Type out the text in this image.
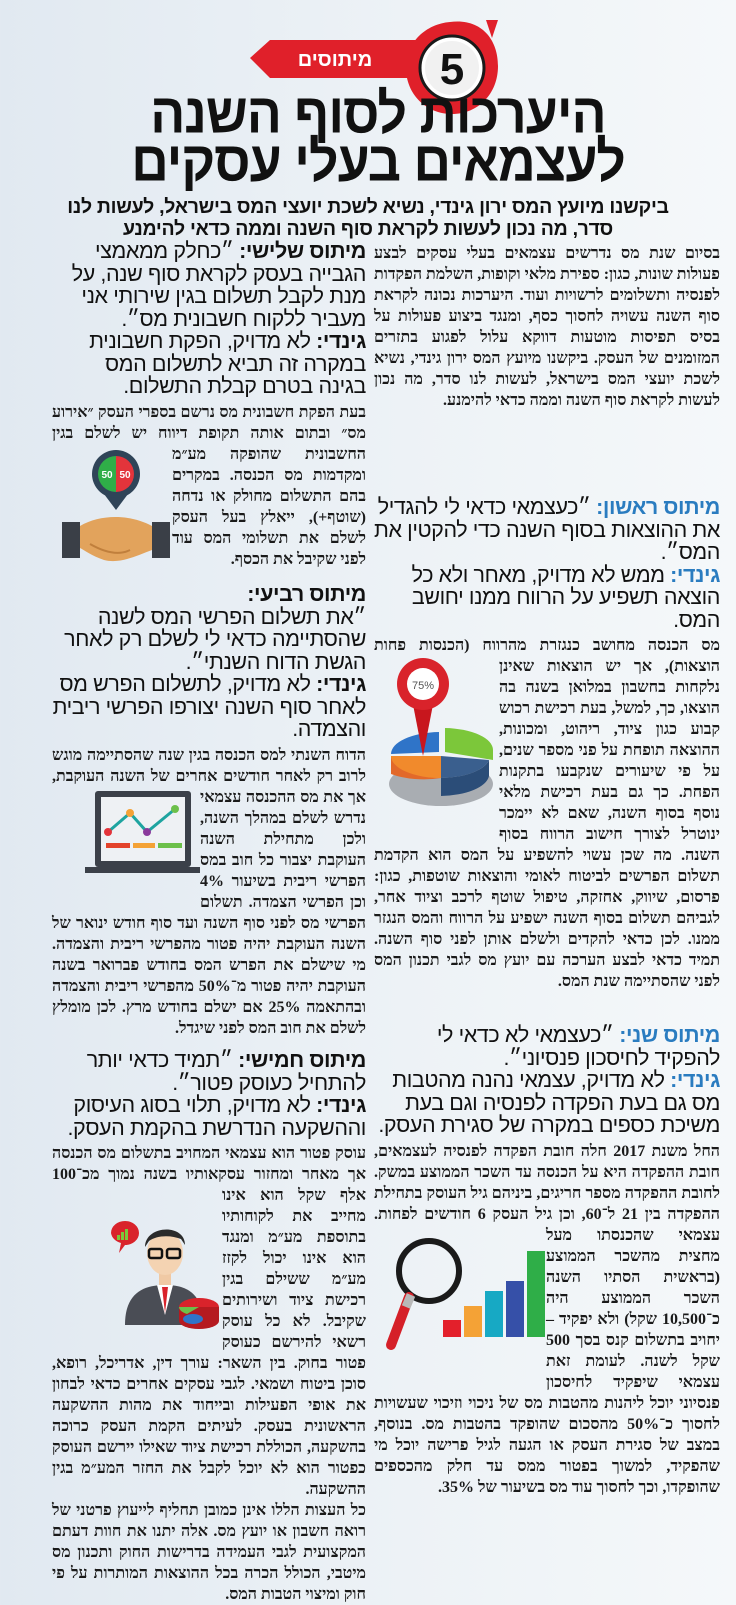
מיתוסים 5
היערכות לסוף השנה
לעצמאים בעלי עסקים
ביקשנו מיועץ המס ירון גינדי, נשיא לשכת יועצי המס בישראל, לעשות לנו
סדר, מה נכון לעשות לקראת סוף השנה וממה כדאי להימנע

בסיום שנת מס נדרשים עצמאים בעלי עסקים לבצע פעולות שונות, כגון: ספירת מלאי וקופות, השלמת הפקדות לפנסיה ותשלומים לרשויות ועוד. היערכות נכונה לקראת סוף השנה עשויה לחסוך כסף, ומנגד ביצוע פעולות על בסיס תפיסות מוטעות דווקא עלול לפגוע בתזרים המזומנים של העסק. ביקשנו מיועץ המס ירון גינדי, נשיא לשכת יועצי המס בישראל, לעשות לנו סדר, מה נכון לעשות לקראת סוף השנה וממה כדאי להימנע.

מיתוס ראשון: ״כעצמאי כדאי לי להגדיל את ההוצאות בסוף השנה כדי להקטין את המס״.
גינדי: ממש לא מדויק, מאחר ולא כל הוצאה תשפיע על הרווח ממנו יחושב המס.
75%

מס הכנסה מחושב כנגזרת מהרווח (הכנסות פחות הוצאות), אך יש הוצאות שאינן נלקחות בחשבון במלואן בשנה בה הוצאו, כך, למשל, בעת רכישת רכוש קבוע כגון ציוד, ריהוט, ומכונות, ההוצאה תופחת על פני מספר שנים, על פי שיעורים שנקבעו בתקנות הפחת. כך גם בעת רכישת מלאי נוסף בסוף השנה, שאם לא יימכר ינוטרל לצורך חישוב הרווח בסוף השנה. מה שכן עשוי להשפיע על המס הוא הקדמת תשלום הפרשים לביטוח לאומי והוצאות שוטפות, כגון: פרסום, שיווק, אחזקה, טיפול שוטף לרכב וציוד אחר, לגביהם תשלום בסוף השנה ישפיע על הרווח והמס הנגזר ממנו. לכן כדאי להקדים ולשלם אותן לפני סוף השנה. תמיד כדאי לבצע הערכה עם יועץ מס לגבי תכנון המס לפני שהסתיימה שנת המס.

מיתוס שני: ״כעצמאי לא כדאי לי להפקיד לחיסכון פנסיוני״.
גינדי: לא מדויק, עצמאי נהנה מהטבות מס גם בעת הפקדה לפנסיה וגם בעת משיכת כספים במקרה של סגירת העסק.

החל משנת 2017 חלה חובת הפקדה לפנסיה לעצמאים, חובת ההפקדה היא על הכנסה עד השכר הממוצע במשק. לחובת ההפקדה מספר חריגים, ביניהם גיל העוסק בתחילת ההפקדה בין 21 ל־60, וכן גיל העסק 6 חודשים לפחות. עצמאי שהכנסתו מעל מחצית מהשכר הממוצע (בראשית הסתיו השנה השכר הממוצע היה כ־10,500 שקל) ולא יפקיד – יחויב בתשלום קנס בסך 500 שקל לשנה. לעומת זאת עצמאי שיפקיד לחיסכון פנסיוני יוכל ליהנות מהטבות מס של ניכוי וזיכוי שעשויות לחסוך כ־50% מהסכום שהופקד בהטבות מס. בנוסף, במצב של סגירת העסק או הגעה לגיל פרישה יוכל מי שהפקיד, למשוך בפטור ממס עד חלק מהכספים שהופקדו, וכך לחסוך עוד מס בשיעור של 35%.

מיתוס שלישי: ״כחלק ממאמצי הגבייה בעסק לקראת סוף שנה, על מנת לקבל תשלום בגין שירותי אני מעביר ללקוח חשבונית מס״.
גינדי: לא מדויק, הפקת חשבונית במקרה זה תביא לתשלום המס בגינה בטרם קבלת התשלום.
50 50

בעת הפקת חשבונית מס נרשם בספרי העסק ״אירוע מס״ ובתום אותה תקופת דיווח יש לשלם בגין החשבונית שהופקה מע״מ ומקדמות מס הכנסה. במקרים בהם התשלום מחולק או נדחה (שוטף+), ייאלץ בעל העסק לשלם את תשלומי המס עוד לפני שקיבל את הכסף.

מיתוס רביעי:
״את תשלום הפרשי המס לשנה שהסתיימה כדאי לי לשלם רק לאחר הגשת הדוח השנתי״.
גינדי: לא מדויק, לתשלום הפרש מס לאחר סוף השנה יצורפו הפרשי ריבית והצמדה.

הדוח השנתי למס הכנסה בגין שנה שהסתיימה מוגש לרוב רק לאחר חודשים אחרים של השנה העוקבת, אך את מס ההכנסה עצמאי נדרש לשלם במהלך השנה, ולכן מתחילת השנה העוקבת יצבור כל חוב במס הפרשי ריבית בשיעור 4% וכן הפרשי הצמדה. תשלום הפרשי מס לפני סוף השנה ועד סוף חודש ינואר של השנה העוקבת יהיה פטור מהפרשי ריבית והצמדה. מי שישלם את הפרש המס בחודש פברואר בשנה העוקבת יהיה פטור מ־50% מהפרשי ריבית והצמדה ובהתאמה 25% אם ישלם בחודש מרץ. לכן מומלץ לשלם את חוב המס לפני שיגדל.

מיתוס חמישי: ״תמיד כדאי יותר להתחיל כעוסק פטור״.
גינדי: לא מדויק, תלוי בסוג העיסוק וההשקעה הנדרשת בהקמת העסק.

עוסק פטור הוא עצמאי המחויב בתשלום מס הכנסה אך מאחר ומחזור עסקאותיו בשנה נמוך מכ־100 אלף שקל הוא אינו מחייב את לקוחותיו בתוספת מע״מ ומנגד הוא אינו יכול לקזז מע״מ ששילם בגין רכישת ציוד ושירותים שקיבל. לא כל עוסק רשאי להירשם כעוסק פטור בחוק. בין השאר: עורך דין, אדריכל, רופא, סוכן ביטוח ושמאי. לגבי עסקים אחרים כדאי לבחון את אופי הפעילות ובייחוד את מהות ההשקעה הראשונית בעסק. לעיתים הקמת העסק כרוכה בהשקעה, הכוללת רכישת ציוד שאילו יירשם העוסק כפטור הוא לא יוכל לקבל את החזר המע״מ בגין ההשקעה.

כל העצות הללו אינן כמובן תחליף לייעוץ פרטני של רואה חשבון או יועץ מס. אלה יתנו את חוות דעתם המקצועית לגבי העמידה בדרישות החוק ותכנון מס מיטבי, הכולל הכרה בכל ההוצאות המותרות על פי חוק ומיצוי הטבות המס.
